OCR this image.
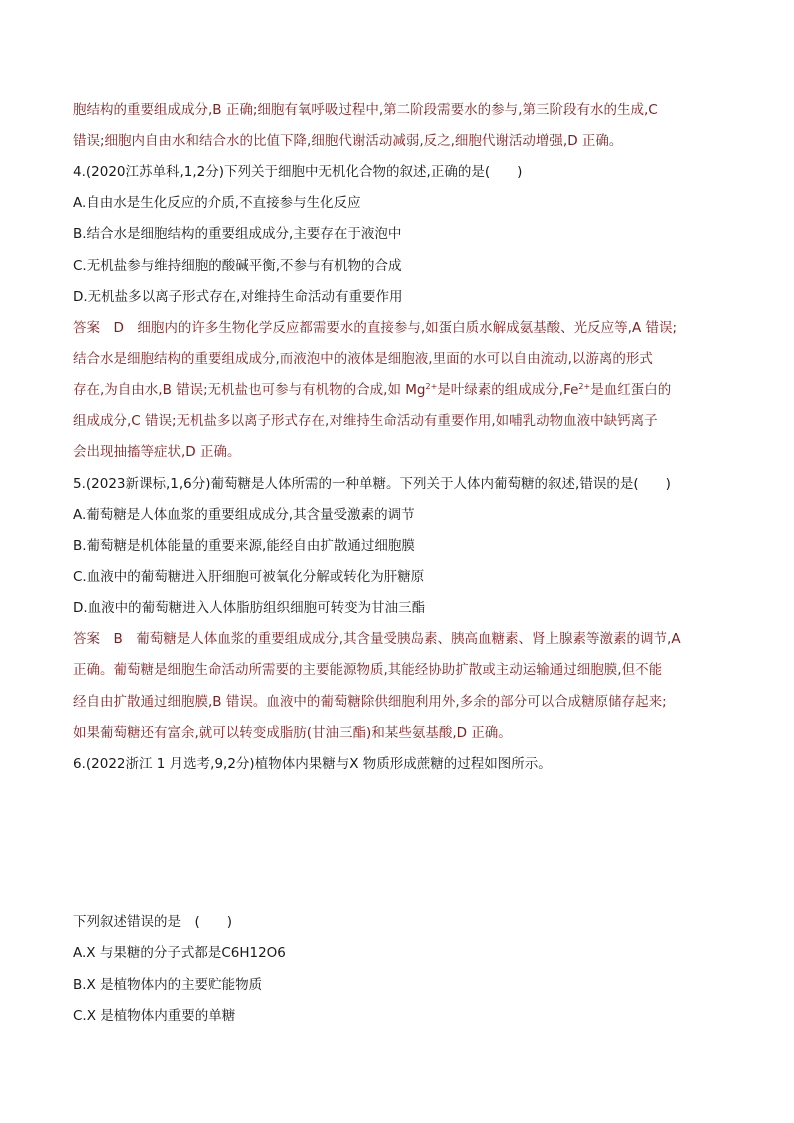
胞结构的重要组成成分,B 正确;细胞有氧呼吸过程中,第二阶段需要水的参与,第三阶段有水的生成,C
错误;细胞内自由水和结合水的比值下降,细胞代谢活动减弱,反之,细胞代谢活动增强,D 正确。
4.(2020江苏单科,1,2分)下列关于细胞中无机化合物的叙述,正确的是(　　)
A.自由水是生化反应的介质,不直接参与生化反应
B.结合水是细胞结构的重要组成成分,主要存在于液泡中
C.无机盐参与维持细胞的酸碱平衡,不参与有机物的合成
D.无机盐多以离子形式存在,对维持生命活动有重要作用
答案　D　细胞内的许多生物化学反应都需要水的直接参与,如蛋白质水解成氨基酸、光反应等,A 错误;
结合水是细胞结构的重要组成成分,而液泡中的液体是细胞液,里面的水可以自由流动,以游离的形式
存在,为自由水,B 错误;无机盐也可参与有机物的合成,如 $Mg^{2+}$是叶绿素的组成成分$,Fe^{2+}$是血红蛋白的
组成成分,C 错误;无机盐多以离子形式存在,对维持生命活动有重要作用,如哺乳动物血液中缺钙离子
会出现抽搐等症状,D 正确。
5.(2023新课标,1,6分)葡萄糖是人体所需的一种单糖。下列关于人体内葡萄糖的叙述,错误的是(　　)
A.葡萄糖是人体血浆的重要组成成分,其含量受激素的调节
B.葡萄糖是机体能量的重要来源,能经自由扩散通过细胞膜
C.血液中的葡萄糖进入肝细胞可被氧化分解或转化为肝糖原
D.血液中的葡萄糖进入人体脂肪组织细胞可转变为甘油三酯
答案　B　葡萄糖是人体血浆的重要组成成分,其含量受胰岛素、胰高血糖素、肾上腺素等激素的调节,A
正确。葡萄糖是细胞生命活动所需要的主要能源物质,其能经协助扩散或主动运输通过细胞膜,但不能
经自由扩散通过细胞膜,B 错误。血液中的葡萄糖除供细胞利用外,多余的部分可以合成糖原储存起来;
如果葡萄糖还有富余,就可以转变成脂肪(甘油三酯)和某些氨基酸,D 正确。
6.(2022浙江 1 月选考,9,2分)植物体内果糖与X 物质形成蔗糖的过程如图所示。
下列叙述错误的是　(　　)
A.X 与果糖的分子式都是C6H12O6
B.X 是植物体内的主要贮能物质
C.X 是植物体内重要的单糖
